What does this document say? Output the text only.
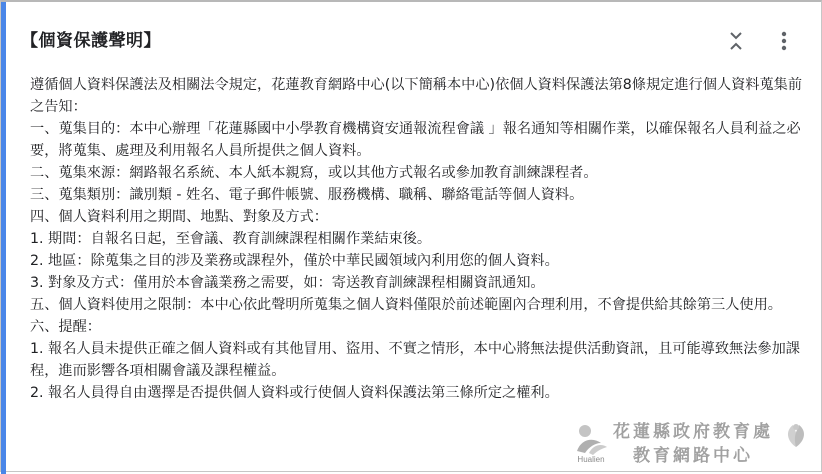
【個資保護聲明】

遵循個人資料保護法及相關法令規定，花蓮教育網路中心(以下簡稱本中心)依個人資料保護法第8條規定進行個人資料蒐集前之告知：

一、蒐集目的：本中心辦理「花蓮縣國中小學教育機構資安通報流程會議 」報名通知等相關作業，以確保報名人員利益之必要，將蒐集、處理及利用報名人員所提供之個人資料。

二、蒐集來源：網路報名系統、本人紙本親寫，或以其他方式報名或參加教育訓練課程者。

三、蒐集類別：識別類 - 姓名、電子郵件帳號、服務機構、職稱、聯絡電話等個人資料。

四、個人資料利用之期間、地點、對象及方式：

1. 期間：自報名日起，至會議、教育訓練課程相關作業結束後。

2. 地區：除蒐集之目的涉及業務或課程外，僅於中華民國領域內利用您的個人資料。

3. 對象及方式：僅用於本會議業務之需要，如：寄送教育訓練課程相關資訊通知。

五、個人資料使用之限制：本中心依此聲明所蒐集之個人資料僅限於前述範圍內合理利用，不會提供給其餘第三人使用。

六、提醒：

1. 報名人員未提供正確之個人資料或有其他冒用、盜用、不實之情形，本中心將無法提供活動資訊，且可能導致無法參加課程，進而影響各項相關會議及課程權益。

2. 報名人員得自由選擇是否提供個人資料或行使個人資料保護法第三條所定之權利。

Hualien
花蓮縣政府教育處
教育網路中心
